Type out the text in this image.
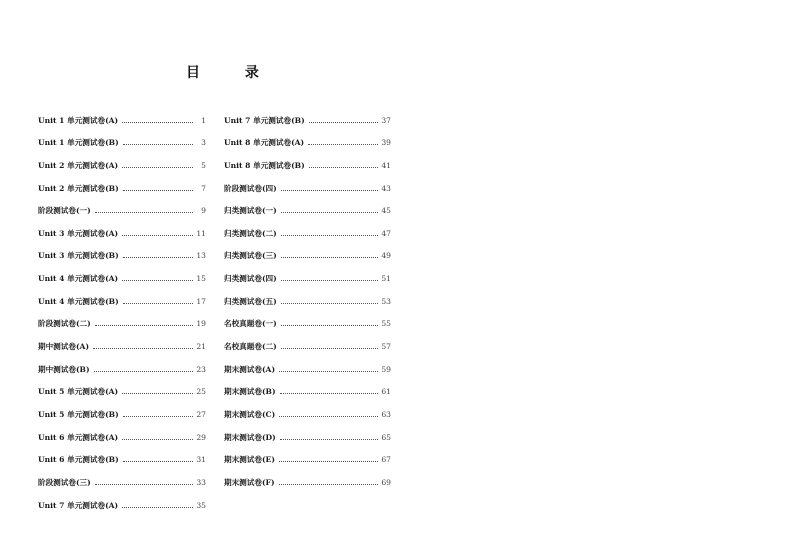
目 录
Unit 1 单元测试卷(A)	1
Unit 1 单元测试卷(B)	3
Unit 2 单元测试卷(A)	5
Unit 2 单元测试卷(B)	7
阶段测试卷(一)	9
Unit 3 单元测试卷(A)	11
Unit 3 单元测试卷(B)	13
Unit 4 单元测试卷(A)	15
Unit 4 单元测试卷(B)	17
阶段测试卷(二)	19
期中测试卷(A)	21
期中测试卷(B)	23
Unit 5 单元测试卷(A)	25
Unit 5 单元测试卷(B)	27
Unit 6 单元测试卷(A)	29
Unit 6 单元测试卷(B)	31
阶段测试卷(三)	33
Unit 7 单元测试卷(A)	35
Unit 7 单元测试卷(B)	37
Unit 8 单元测试卷(A)	39
Unit 8 单元测试卷(B)	41
阶段测试卷(四)	43
归类测试卷(一)	45
归类测试卷(二)	47
归类测试卷(三)	49
归类测试卷(四)	51
归类测试卷(五)	53
名校真题卷(一)	55
名校真题卷(二)	57
期末测试卷(A)	59
期末测试卷(B)	61
期末测试卷(C)	63
期末测试卷(D)	65
期末测试卷(E)	67
期末测试卷(F)	69
